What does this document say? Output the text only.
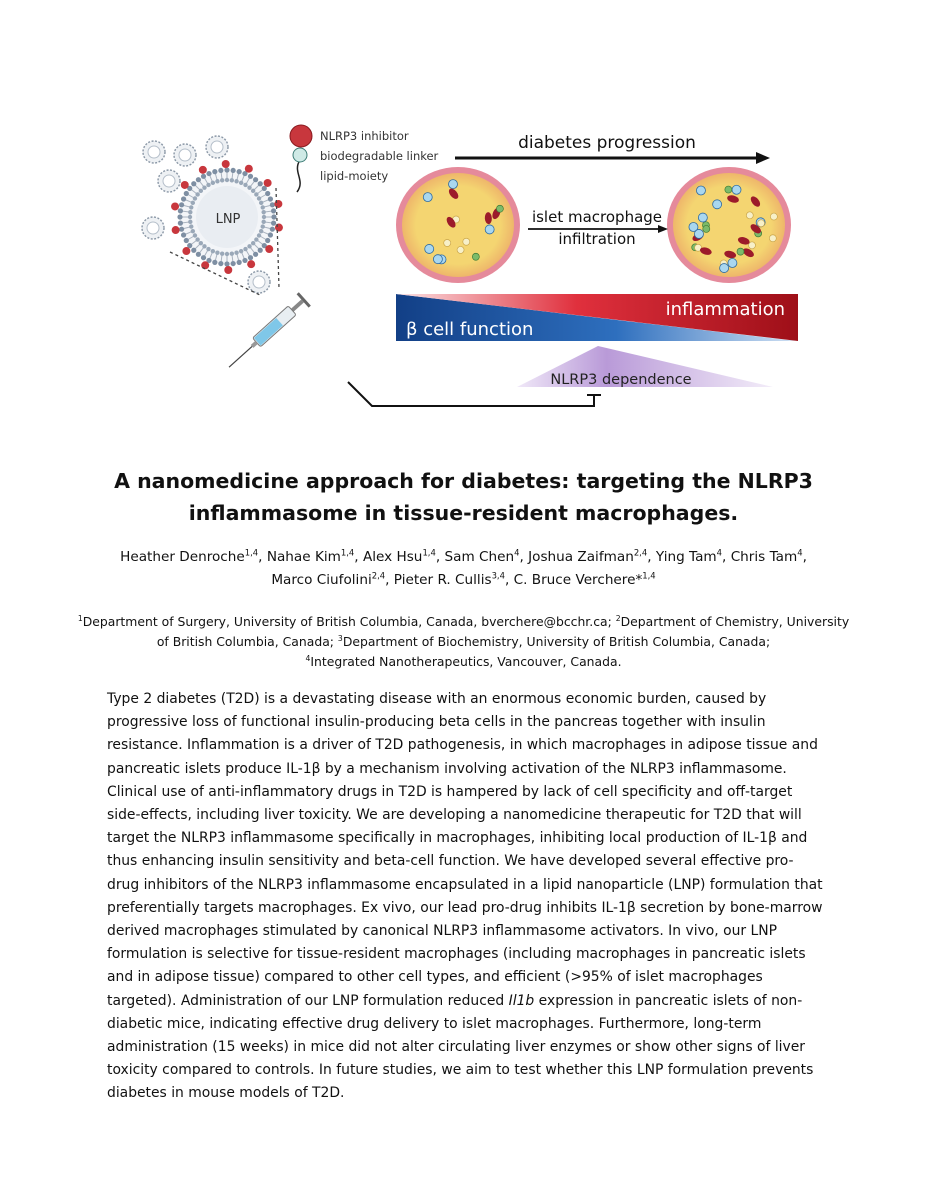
LNP
NLRP3 inhibitor
biodegradable linker
lipid-moiety
diabetes progression
islet macrophage
infiltration
β cell function
inflammation
NLRP3 dependence
A nanomedicine approach for diabetes: targeting the NLRP3
inflammasome in tissue-resident macrophages.
Heather Denroche$^{1,4}$, Nahae Kim$^{1,4}$, Alex Hsu$^{1,4}$, Sam Chen$^4$, Joshua Zaifman$^{2,4}$, Ying Tam$^4$, Chris Tam$^4$,
Marco Ciufolini$^{2,4}$, Pieter R. Cullis$^{3,4}$, C. Bruce Verchere*$^{1,4}$
$^1$Department of Surgery, University of British Columbia, Canada, bverchere@bcchr.ca; $^2$Department of Chemistry, University of British Columbia, Canada; $^3$Department of Biochemistry, University of British Columbia, Canada;
$^4$Integrated Nanotherapeutics, Vancouver, Canada.

Type 2 diabetes (T2D) is a devastating disease with an enormous economic burden, caused by progressive loss of functional insulin-producing beta cells in the pancreas together with insulin resistance. Inflammation is a driver of T2D pathogenesis, in which macrophages in adipose tissue and pancreatic islets produce IL-1β by a mechanism involving activation of the NLRP3 inflammasome. Clinical use of anti-inflammatory drugs in T2D is hampered by lack of cell specificity and off-target side-effects, including liver toxicity. We are developing a nanomedicine therapeutic for T2D that will target the NLRP3 inflammasome specifically in macrophages, inhibiting local production of IL-1β and thus enhancing insulin sensitivity and beta-cell function. We have developed several effective pro-drug inhibitors of the NLRP3 inflammasome encapsulated in a lipid nanoparticle (LNP) formulation that preferentially targets macrophages. Ex vivo, our lead pro-drug inhibits IL-1β secretion by bone-marrow derived macrophages stimulated by canonical NLRP3 inflammasome activators. In vivo, our LNP formulation is selective for tissue-resident macrophages (including macrophages in pancreatic islets and in adipose tissue) compared to other cell types, and efficient (>95% of islet macrophages targeted). Administration of our LNP formulation reduced Il1b expression in pancreatic islets of non-diabetic mice, indicating effective drug delivery to islet macrophages. Furthermore, long-term administration (15 weeks) in mice did not alter circulating liver enzymes or show other signs of liver toxicity compared to controls. In future studies, we aim to test whether this LNP formulation prevents diabetes in mouse models of T2D.
